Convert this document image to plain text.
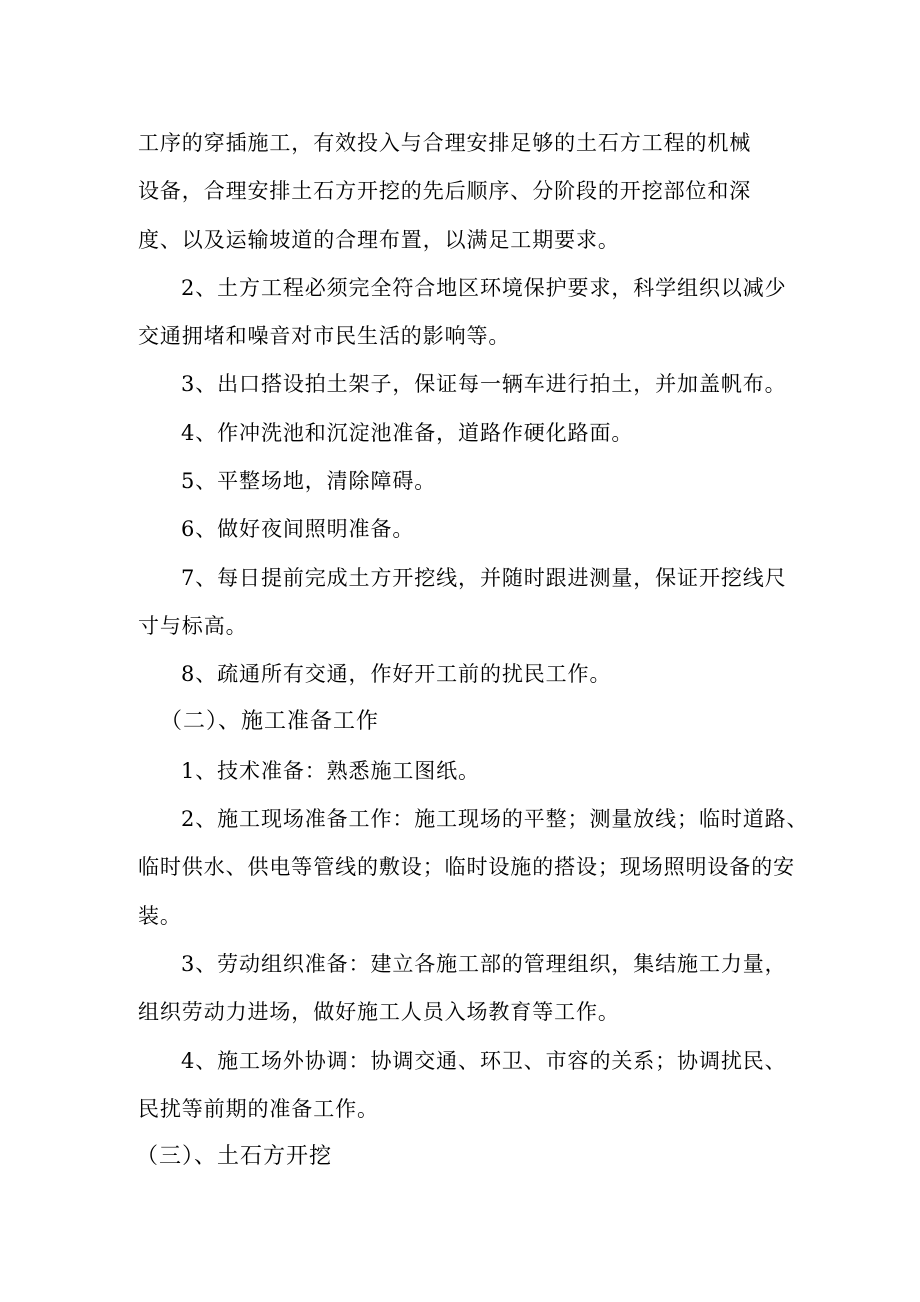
工序的穿插施工，有效投入与合理安排足够的土石方工程的机械
设备，合理安排土石方开挖的先后顺序、分阶段的开挖部位和深
度、以及运输坡道的合理布置，以满足工期要求。
2、土方工程必须完全符合地区环境保护要求，科学组织以减少
交通拥堵和噪音对市民生活的影响等。
3、出口搭设拍土架子，保证每一辆车进行拍土，并加盖帆布。
4、作冲洗池和沉淀池准备，道路作硬化路面。
5、平整场地，清除障碍。
6、做好夜间照明准备。
7、每日提前完成土方开挖线，并随时跟进测量，保证开挖线尺
寸与标高。
8、疏通所有交通，作好开工前的扰民工作。
（二）、施工准备工作
1、技术准备：熟悉施工图纸。
2、施工现场准备工作：施工现场的平整；测量放线；临时道路、
临时供水、供电等管线的敷设；临时设施的搭设；现场照明设备的安
装。
3、劳动组织准备：建立各施工部的管理组织，集结施工力量，
组织劳动力进场，做好施工人员入场教育等工作。
4、施工场外协调：协调交通、环卫、市容的关系；协调扰民、
民扰等前期的准备工作。
（三）、土石方开挖
